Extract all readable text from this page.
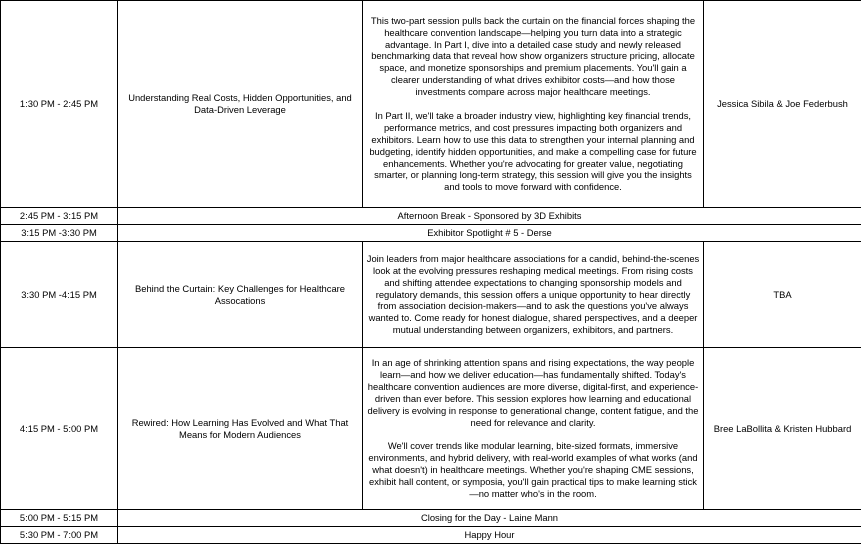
1:30 PM - 2:45 PM	Understanding Real Costs, Hidden Opportunities, and Data-Driven Leverage	This two-part session pulls back the curtain on the financial forces shaping the healthcare convention landscape—helping you turn data into a strategic advantage. In Part I, dive into a detailed case study and newly released benchmarking data that reveal how show organizers structure pricing, allocate space, and monetize sponsorships and premium placements. You'll gain a clearer understanding of what drives exhibitor costs—and how those investments compare across major healthcare meetings.
In Part II, we'll take a broader industry view, highlighting key financial trends, performance metrics, and cost pressures impacting both organizers and exhibitors. Learn how to use this data to strengthen your internal planning and budgeting, identify hidden opportunities, and make a compelling case for future enhancements. Whether you're advocating for greater value, negotiating smarter, or planning long-term strategy, this session will give you the insights and tools to move forward with confidence.	Jessica Sibila & Joe Federbush
2:45 PM - 3:15 PM	Afternoon Break - Sponsored by 3D Exhibits		
3:15 PM -3:30 PM	Exhibitor Spotlight # 5 - Derse		
3:30 PM -4:15 PM	Behind the Curtain: Key Challenges for Healthcare Assocations	Join leaders from major healthcare associations for a candid, behind-the-scenes look at the evolving pressures reshaping medical meetings. From rising costs and shifting attendee expectations to changing sponsorship models and regulatory demands, this session offers a unique opportunity to hear directly from association decision-makers—and to ask the questions you've always wanted to. Come ready for honest dialogue, shared perspectives, and a deeper mutual understanding between organizers, exhibitors, and partners.	TBA
4:15 PM - 5:00 PM	Rewired: How Learning Has Evolved and What That Means for Modern Audiences	In an age of shrinking attention spans and rising expectations, the way people learn—and how we deliver education—has fundamentally shifted. Today's healthcare convention audiences are more diverse, digital-first, and experience-driven than ever before. This session explores how learning and educational delivery is evolving in response to generational change, content fatigue, and the need for relevance and clarity.
We'll cover trends like modular learning, bite-sized formats, immersive environments, and hybrid delivery, with real-world examples of what works (and what doesn't) in healthcare meetings. Whether you're shaping CME sessions, exhibit hall content, or symposia, you'll gain practical tips to make learning stick—no matter who's in the room.	Bree LaBollita & Kristen Hubbard
5:00 PM - 5:15 PM	Closing for the Day - Laine Mann		
5:30 PM - 7:00 PM	Happy Hour		
